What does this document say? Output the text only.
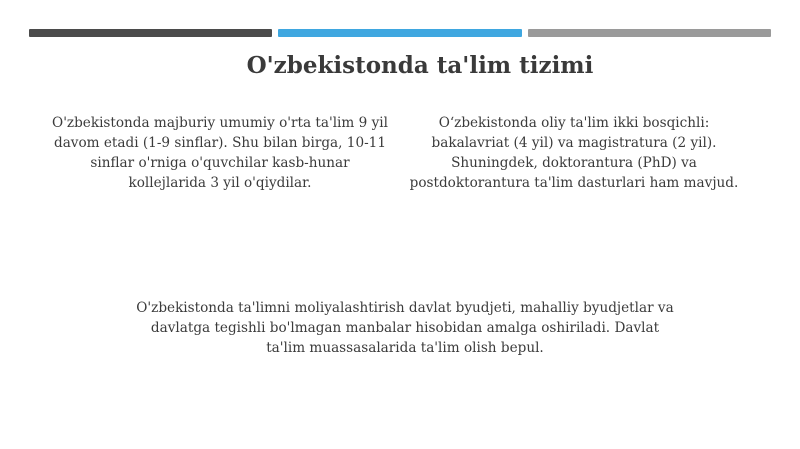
O'zbekistonda ta'lim tizimi
O'zbekistonda majburiy umumiy o'rta ta'lim 9 yil davom etadi (1-9 sinflar). Shu bilan birga, 10-11 sinflar o'rniga o'quvchilar kasb-hunar kollejlarida 3 yil o'qiydilar.
O‘zbekistonda oliy ta'lim ikki bosqichli: bakalavriat (4 yil) va magistratura (2 yil). Shuningdek, doktorantura (PhD) va postdoktorantura ta'lim dasturlari ham mavjud.
O'zbekistonda ta'limni moliyalashtirish davlat byudjeti, mahalliy byudjetlar va davlatga tegishli bo'lmagan manbalar hisobidan amalga oshiriladi. Davlat ta'lim muassasalarida ta'lim olish bepul.
